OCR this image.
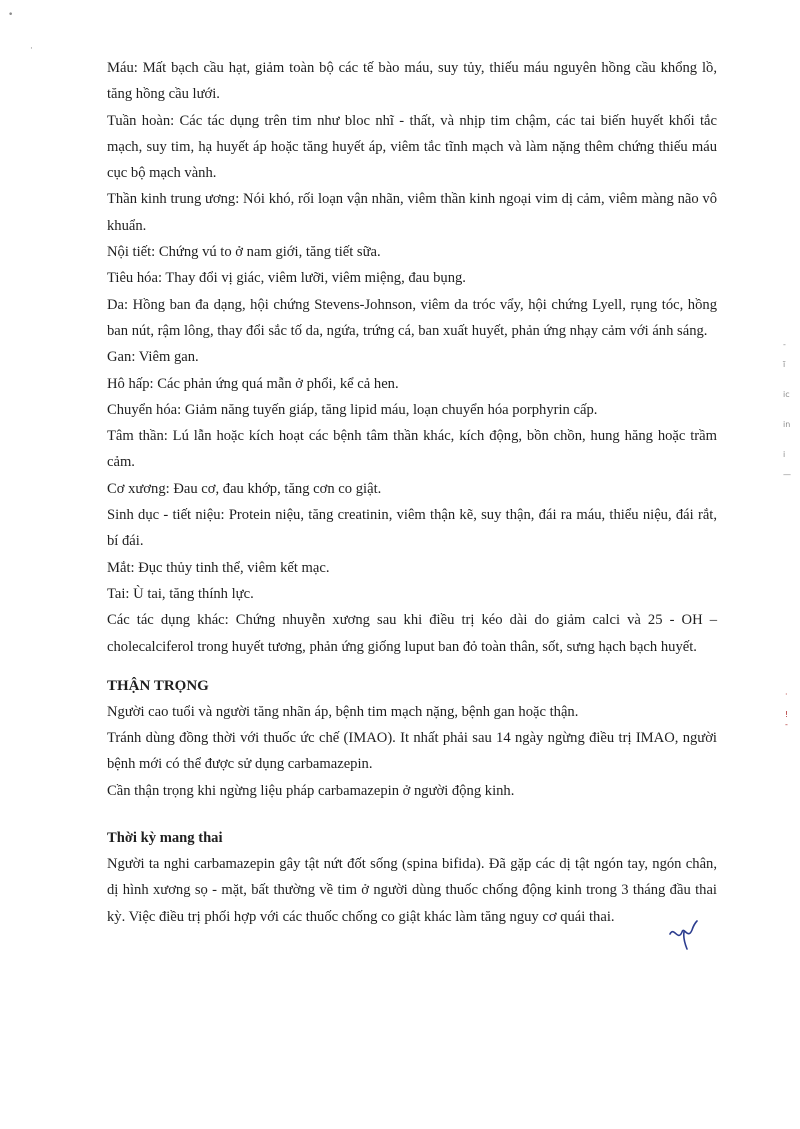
•
·
-

ĩ

ic

in

i

—
·

!
-

Máu: Mất bạch cầu hạt, giảm toàn bộ các tế bào máu, suy tủy, thiếu máu nguyên hồng cầu khổng lồ, tăng hồng cầu lưới.

Tuần hoàn: Các tác dụng trên tim như bloc nhĩ - thất, và nhịp tim chậm, các tai biến huyết khối tắc mạch, suy tim, hạ huyết áp hoặc tăng huyết áp, viêm tắc tĩnh mạch và làm nặng thêm chứng thiếu máu cục bộ mạch vành.

Thần kinh trung ương: Nói khó, rối loạn vận nhãn, viêm thần kinh ngoại vim dị cảm, viêm màng não vô khuẩn.

Nội tiết: Chứng vú to ở nam giới, tăng tiết sữa.

Tiêu hóa: Thay đổi vị giác, viêm lưỡi, viêm miệng, đau bụng.

Da: Hồng ban đa dạng, hội chứng Stevens-Johnson, viêm da tróc vẩy, hội chứng Lyell, rụng tóc, hồng ban nút, rậm lông, thay đổi sắc tố da, ngứa, trứng cá, ban xuất huyết, phản ứng nhạy cảm với ánh sáng.

Gan: Viêm gan.

Hô hấp: Các phản ứng quá mẫn ở phổi, kể cả hen.

Chuyển hóa: Giảm năng tuyến giáp, tăng lipid máu, loạn chuyển hóa porphyrin cấp.

Tâm thần: Lú lẫn hoặc kích hoạt các bệnh tâm thần khác, kích động, bồn chồn, hung hăng hoặc trầm cảm.

Cơ xương: Đau cơ, đau khớp, tăng cơn co giật.

Sinh dục - tiết niệu: Protein niệu, tăng creatinin, viêm thận kẽ, suy thận, đái ra máu, thiểu niệu, đái rắt, bí đái.

Mắt: Đục thủy tinh thể, viêm kết mạc.

Tai: Ù tai, tăng thính lực.

Các tác dụng khác: Chứng nhuyễn xương sau khi điều trị kéo dài do giảm calci và 25 - OH – cholecalciferol trong huyết tương, phản ứng giống luput ban đỏ toàn thân, sốt, sưng hạch bạch huyết.

THẬN TRỌNG

Người cao tuổi và người tăng nhãn áp, bệnh tim mạch nặng, bệnh gan hoặc thận.

Tránh dùng đồng thời với thuốc ức chế (IMAO). It nhất phải sau 14 ngày ngừng điều trị IMAO, người bệnh mới có thể được sử dụng carbamazepin.

Cần thận trọng khi ngừng liệu pháp carbamazepin ở người động kinh.

Thời kỳ mang thai

Người ta nghi carbamazepin gây tật nứt đốt sống (spina bifida). Đã gặp các dị tật ngón tay, ngón chân, dị hình xương sọ - mặt, bất thường về tim ở người dùng thuốc chống động kinh trong 3 tháng đầu thai kỳ. Việc điều trị phối hợp với các thuốc chống co giật khác làm tăng nguy cơ quái thai.
